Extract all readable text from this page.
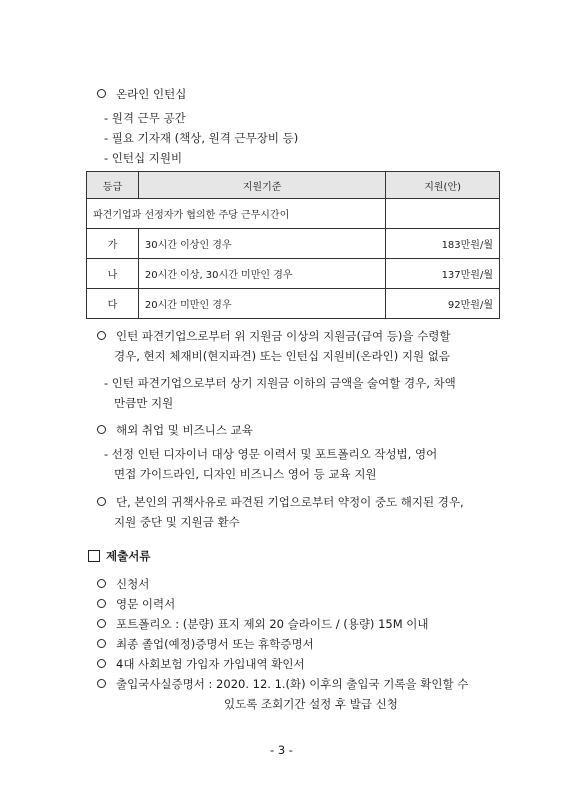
온라인 인턴십
- 원격 근무 공간
- 필요 기자재 (책상, 원격 근무장비 등)
- 인턴십 지원비
등급	지원기준	지원(안)
파견기업과 선정자가 협의한 주당 근무시간이		
가	30시간 이상인 경우	183만원/월
나	20시간 이상, 30시간 미만인 경우	137만원/월
다	20시간 미만인 경우	92만원/월
인턴 파견기업으로부터 위 지원금 이상의 지원금(급여 등)을 수령할
경우, 현지 체재비(현지파견) 또는 인턴십 지원비(온라인) 지원 없음
- 인턴 파견기업으로부터 상기 지원금 이하의 금액을 술여할 경우, 차액
만큼만 지원
해외 취업 및 비즈니스 교육
- 선정 인턴 디자이너 대상 영문 이력서 및 포트폴리오 작성법, 영어
면접 가이드라인, 디자인 비즈니스 영어 등 교육 지원
단, 본인의 귀책사유로 파견된 기업으로부터 약정이 중도 해지된 경우,
지원 중단 및 지원금 환수
제출서류
신청서
영문 이력서
포트폴리오 : (분량) 표지 제외 20 슬라이드 / (용량) 15M 이내
최종 졸업(예정)증명서 또는 휴학증명서
4대 사회보험 가입자 가입내역 확인서
출입국사실증명서 : 2020. 12. 1.(화) 이후의 출입국 기록을 확인할 수
있도록 조회기간 설정 후 발급 신청
- 3 -
